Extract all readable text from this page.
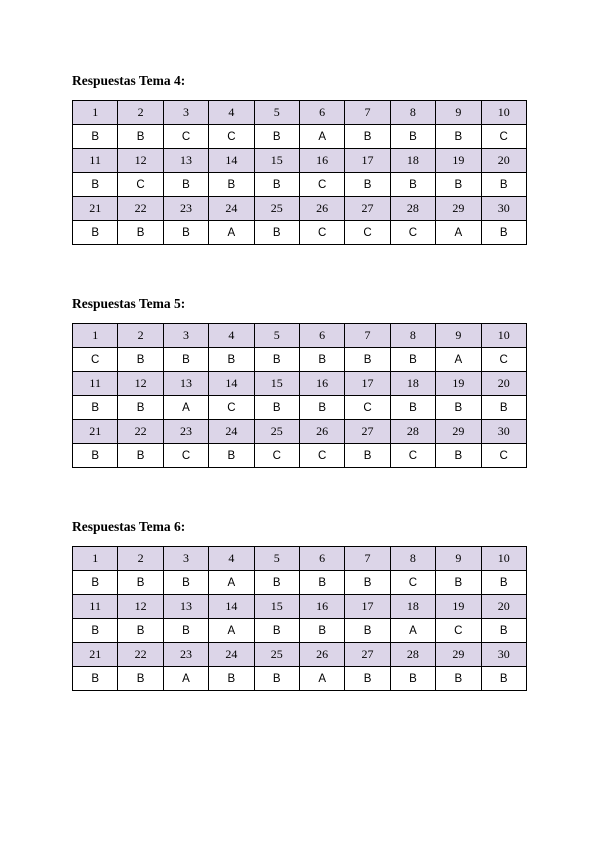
Respuestas Tema 4:
1	2	3	4	5	6	7	8	9	10
B	B	C	C	B	A	B	B	B	C
11	12	13	14	15	16	17	18	19	20
B	C	B	B	B	C	B	B	B	B
21	22	23	24	25	26	27	28	29	30
B	B	B	A	B	C	C	C	A	B
Respuestas Tema 5:
1	2	3	4	5	6	7	8	9	10
C	B	B	B	B	B	B	B	A	C
11	12	13	14	15	16	17	18	19	20
B	B	A	C	B	B	C	B	B	B
21	22	23	24	25	26	27	28	29	30
B	B	C	B	C	C	B	C	B	C
Respuestas Tema 6:
1	2	3	4	5	6	7	8	9	10
B	B	B	A	B	B	B	C	B	B
11	12	13	14	15	16	17	18	19	20
B	B	B	A	B	B	B	A	C	B
21	22	23	24	25	26	27	28	29	30
B	B	A	B	B	A	B	B	B	B
